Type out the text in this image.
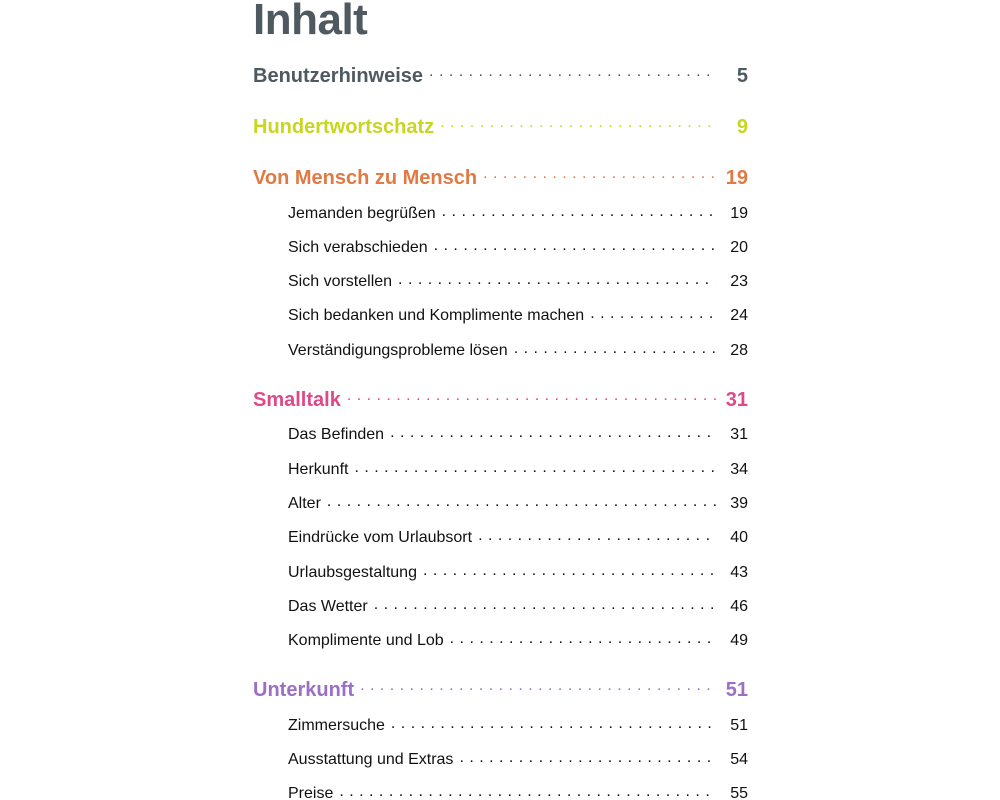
Inhalt
Benutzerhinweise . . .	5
Hundertwortschatz . . .	9
Von Mensch zu Mensch . . .	19
Jemanden begrüßen . . .	19
Sich verabschieden . . .	20
Sich vorstellen . . .	23
Sich bedanken und Komplimente machen . . .	24
Verständigungsprobleme lösen . . .	28
Smalltalk . . .	31
Das Befinden . . .	31
Herkunft . . .	34
Alter . . .	39
Eindrücke vom Urlaubsort . . .	40
Urlaubsgestaltung . . .	43
Das Wetter . . .	46
Komplimente und Lob . . .	49
Unterkunft . . .	51
Zimmersuche . . .	51
Ausstattung und Extras . . .	54
Preise . . .	55
